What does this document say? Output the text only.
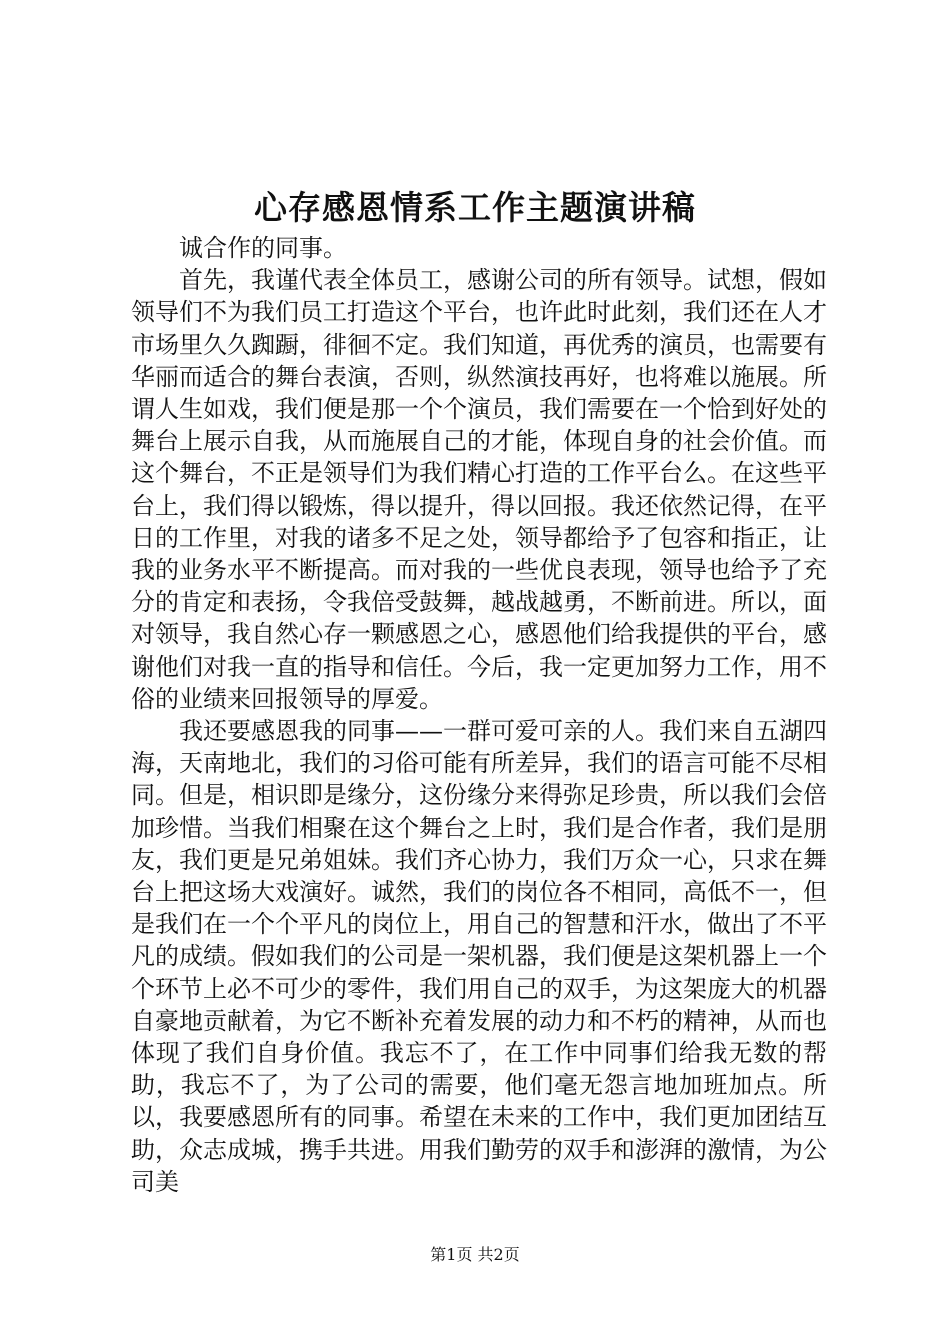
心存感恩情系工作主题演讲稿

诚合作的同事。

首先，我谨代表全体员工，感谢公司的所有领导。试想，假如领导们不为我们员工打造这个平台，也许此时此刻，我们还在人才市场里久久踟蹰，徘徊不定。我们知道，再优秀的演员，也需要有华丽而适合的舞台表演，否则，纵然演技再好，也将难以施展。所谓人生如戏，我们便是那一个个演员，我们需要在一个恰到好处的舞台上展示自我，从而施展自己的才能，体现自身的社会价值。而这个舞台，不正是领导们为我们精心打造的工作平台么。在这些平台上，我们得以锻炼，得以提升，得以回报。我还依然记得，在平日的工作里，对我的诸多不足之处，领导都给予了包容和指正，让我的业务水平不断提高。而对我的一些优良表现，领导也给予了充分的肯定和表扬，令我倍受鼓舞，越战越勇，不断前进。所以，面对领导，我自然心存一颗感恩之心，感恩他们给我提供的平台，感谢他们对我一直的指导和信任。今后，我一定更加努力工作，用不俗的业绩来回报领导的厚爱。

我还要感恩我的同事——一群可爱可亲的人。我们来自五湖四海，天南地北，我们的习俗可能有所差异，我们的语言可能不尽相同。但是，相识即是缘分，这份缘分来得弥足珍贵，所以我们会倍加珍惜。当我们相聚在这个舞台之上时，我们是合作者，我们是朋友，我们更是兄弟姐妹。我们齐心协力，我们万众一心，只求在舞台上把这场大戏演好。诚然，我们的岗位各不相同，高低不一，但是我们在一个个平凡的岗位上，用自己的智慧和汗水，做出了不平凡的成绩。假如我们的公司是一架机器，我们便是这架机器上一个个环节上必不可少的零件，我们用自己的双手，为这架庞大的机器自豪地贡献着，为它不断补充着发展的动力和不朽的精神，从而也体现了我们自身价值。我忘不了，在工作中同事们给我无数的帮助，我忘不了，为了公司的需要，他们毫无怨言地加班加点。所以，我要感恩所有的同事。希望在未来的工作中，我们更加团结互助，众志成城，携手共进。用我们勤劳的双手和澎湃的激情，为公司美

第1页 共2页
